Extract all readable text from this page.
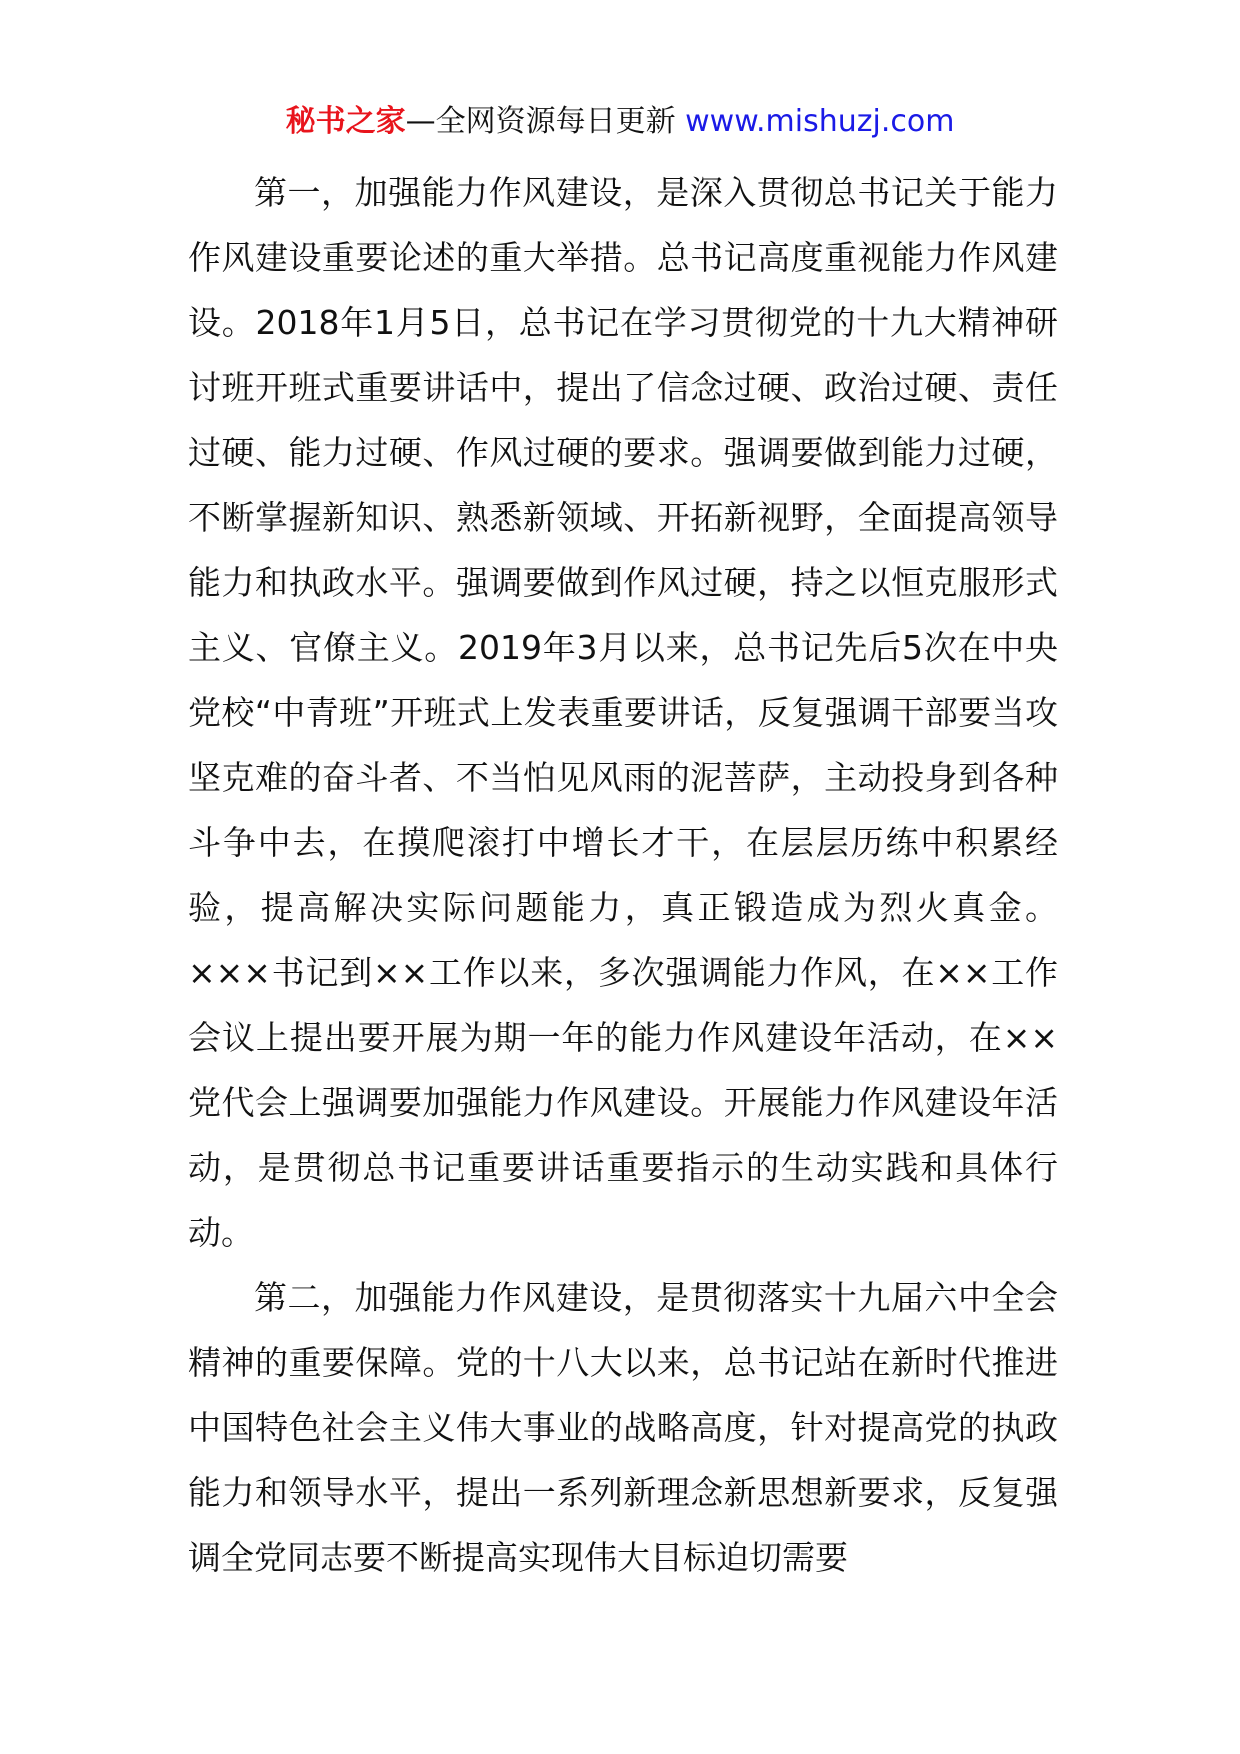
秘书之家—全网资源每日更新 www.mishuzj.com

第一，加强能力作风建设，是深入贯彻总书记关于能力作风建设重要论述的重大举措。总书记高度重视能力作风建设。2018年1月5日，总书记在学习贯彻党的十九大精神研讨班开班式重要讲话中，提出了信念过硬、政治过硬、责任过硬、能力过硬、作风过硬的要求。强调要做到能力过硬，不断掌握新知识、熟悉新领域、开拓新视野，全面提高领导能力和执政水平。强调要做到作风过硬，持之以恒克服形式主义、官僚主义。2019年3月以来，总书记先后5次在中央党校“中青班”开班式上发表重要讲话，反复强调干部要当攻坚克难的奋斗者、不当怕见风雨的泥菩萨，主动投身到各种斗争中去，在摸爬滚打中增长才干，在层层历练中积累经验，提高解决实际问题能力，真正锻造成为烈火真金。×××书记到××工作以来，多次强调能力作风，在××工作会议上提出要开展为期一年的能力作风建设年活动，在××党代会上强调要加强能力作风建设。开展能力作风建设年活动，是贯彻总书记重要讲话重要指示的生动实践和具体行动。

第二，加强能力作风建设，是贯彻落实十九届六中全会精神的重要保障。党的十八大以来，总书记站在新时代推进中国特色社会主义伟大事业的战略高度，针对提高党的执政能力和领导水平，提出一系列新理念新思想新要求，反复强调全党同志要不断提高实现伟大目标迫切需要
